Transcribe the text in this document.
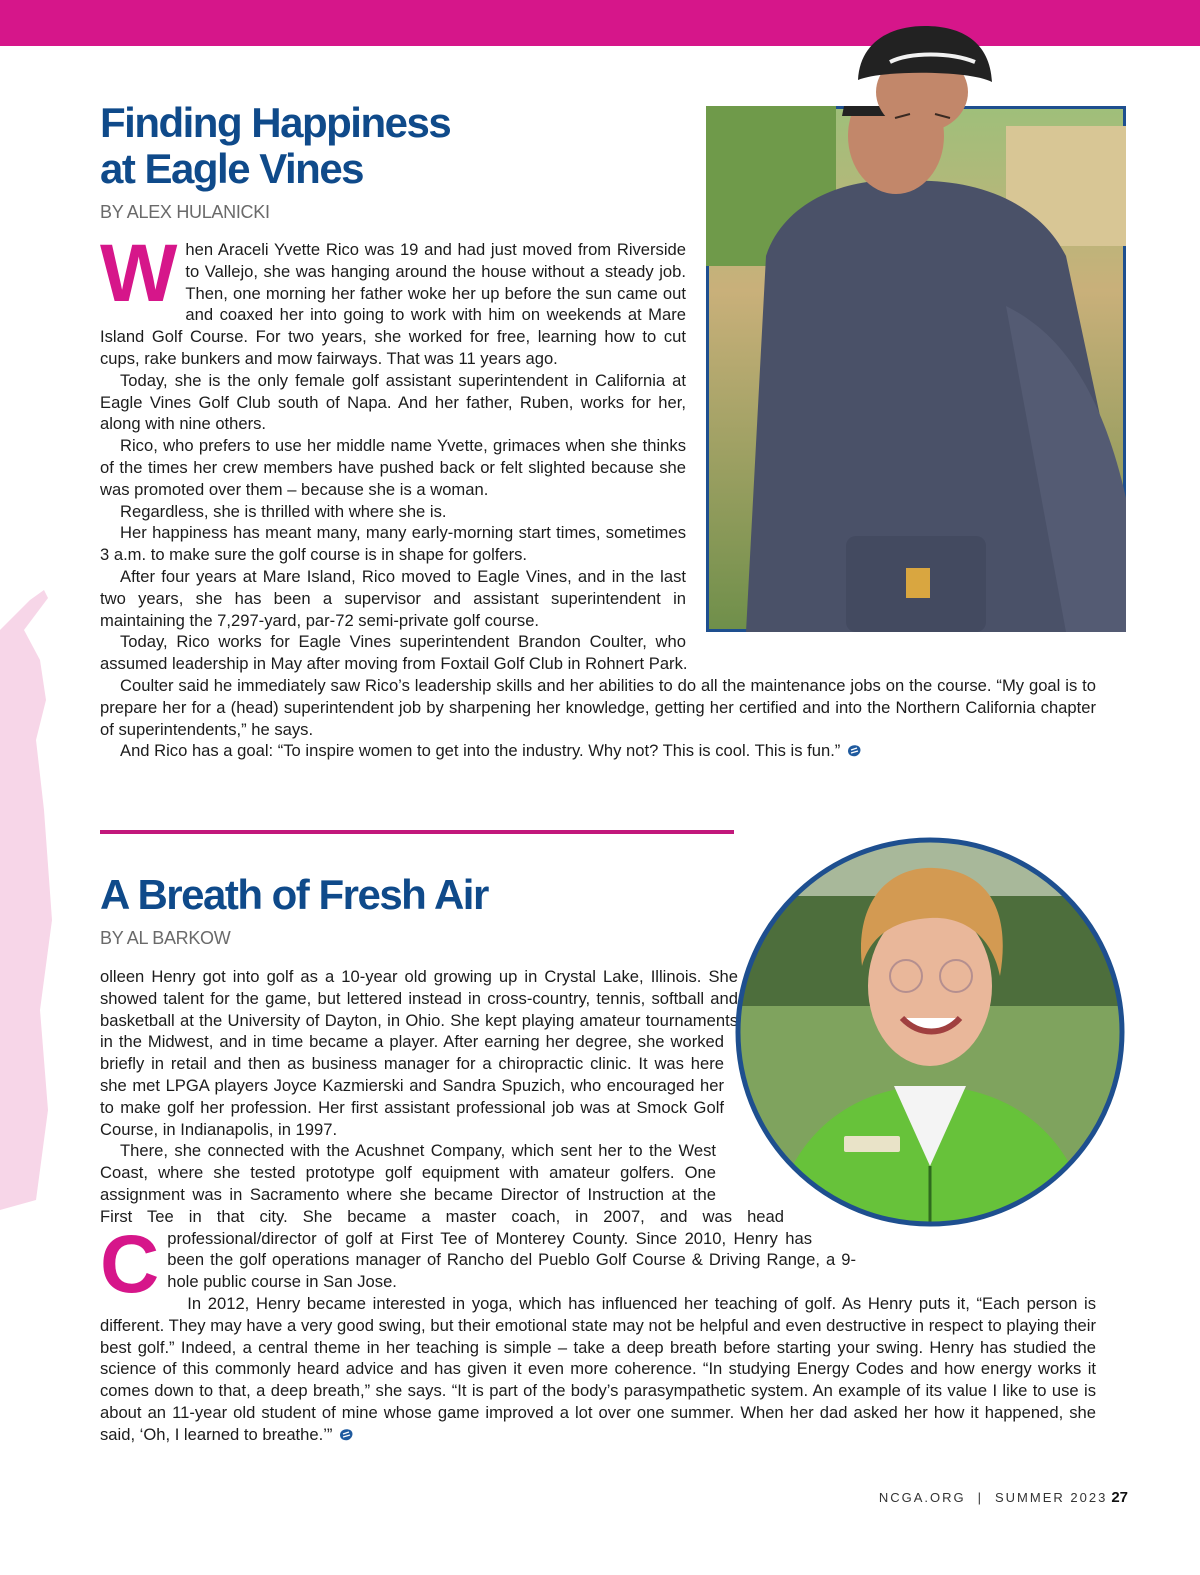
Finding Happiness
at Eagle Vines
BY ALEX HULANICKI

When Araceli Yvette Rico was 19 and had just moved from Riverside to Vallejo, she was hanging around the house without a steady job. Then, one morning her father woke her up before the sun came out and coaxed her into going to work with him on weekends at Mare Island Golf Course. For two years, she worked for free, learning how to cut cups, rake bunkers and mow fairways. That was 11 years ago.

Today, she is the only female golf assistant superintendent in California at Eagle Vines Golf Club south of Napa. And her father, Ruben, works for her, along with nine others.

Rico, who prefers to use her middle name Yvette, grimaces when she thinks of the times her crew members have pushed back or felt slighted because she was promoted over them – because she is a woman.

Regardless, she is thrilled with where she is.

Her happiness has meant many, many early-morning start times, sometimes 3 a.m. to make sure the golf course is in shape for golfers.

After four years at Mare Island, Rico moved to Eagle Vines, and in the last two years, she has been a supervisor and assistant superintendent in maintaining the 7,297-yard, par-72 semi-private golf course.

Today, Rico works for Eagle Vines superintendent Brandon Coulter, who assumed leadership in May after moving from Foxtail Golf Club in Rohnert Park.

Coulter said he immediately saw Rico’s leadership skills and her abilities to do all the maintenance jobs on the course. “My goal is to prepare her for a (head) superintendent job by sharpening her knowledge, getting her certified and into the Northern California chapter of superintendents,” he says.

And Rico has a goal: “To inspire women to get into the industry. Why not? This is cool. This is fun.”

A Breath of Fresh Air
BY AL BARKOW

C
olleen Henry got into golf as a 10-year old growing up in Crystal Lake, Illinois. She showed talent for the game, but lettered instead in cross-country, tennis, softball and basketball at the University of Dayton, in Ohio. She kept playing amateur tournaments in the Midwest, and in time became a player. After earning her degree, she worked briefly in retail and then as business manager for a chiropractic clinic. It was here she met LPGA players Joyce Kazmierski and Sandra Spuzich, who encouraged her to make golf her profession. Her first assistant professional job was at Smock Golf Course, in Indianapolis, in 1997.

There, she connected with the Acushnet Company, which sent her to the West Coast, where she tested prototype golf equipment with amateur golfers. One assignment was in Sacramento where she became Director of Instruction at the First Tee in that city. She became a master coach, in 2007, and was head professional/director of golf at First Tee of Monterey County. Since 2010, Henry has been the golf operations manager of Rancho del Pueblo Golf Course & Driving Range, a 9-hole public course in San Jose.

In 2012, Henry became interested in yoga, which has influenced her teaching of golf. As Henry puts it, “Each person is different. They may have a very good swing, but their emotional state may not be helpful and even destructive in respect to playing their best golf.” Indeed, a central theme in her teaching is simple – take a deep breath before starting your swing. Henry has studied the science of this commonly heard advice and has given it even more coherence. “In studying Energy Codes and how energy works it comes down to that, a deep breath,” she says. “It is part of the body’s parasympathetic system. An example of its value I like to use is about an 11-year old student of mine whose game improved a lot over one summer. When her dad asked her how it happened, she said, ‘Oh, I learned to breathe.’”

NCGA.ORG | SUMMER 2023 27
